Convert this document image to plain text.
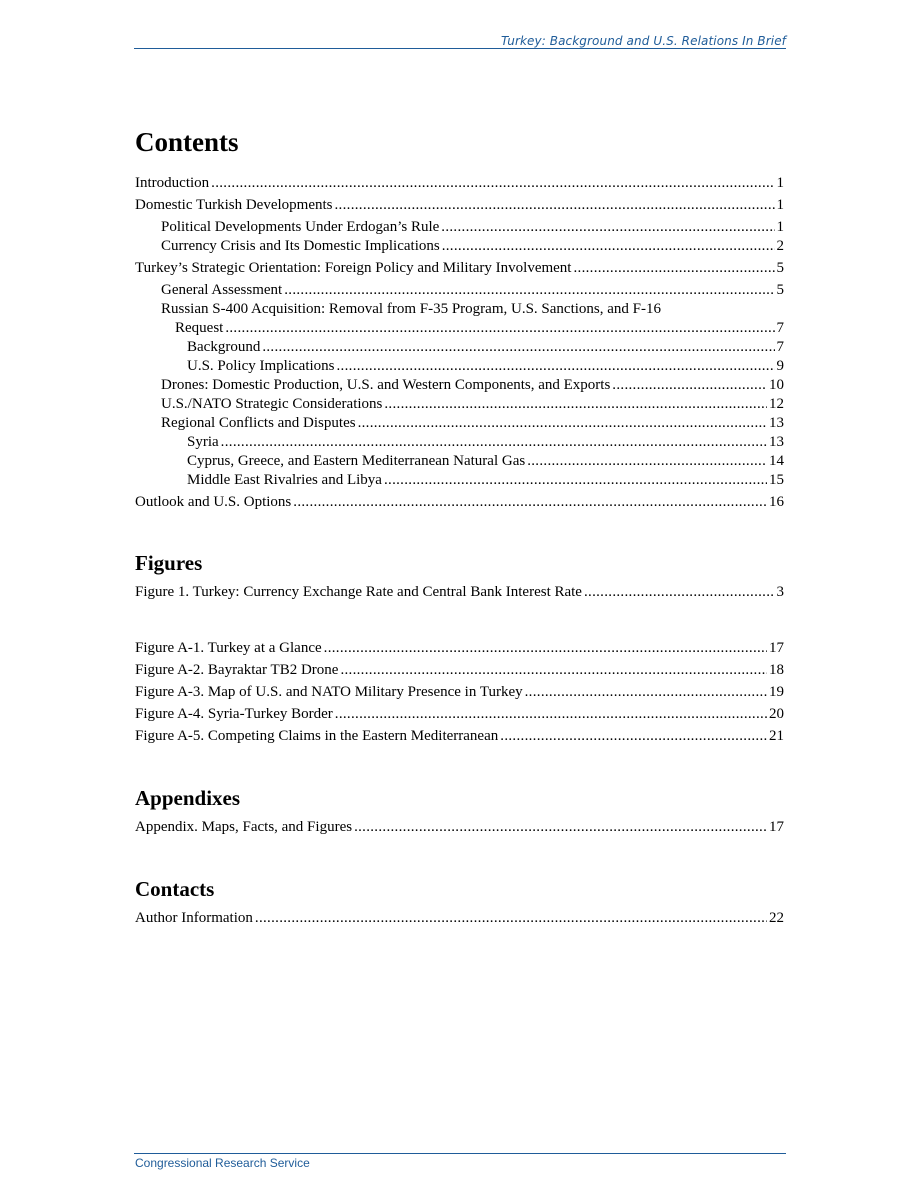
Turkey: Background and U.S. Relations In Brief
Contents
Introduction .....	1
Domestic Turkish Developments .....	1
Political Developments Under Erdogan’s Rule .....	1
Currency Crisis and Its Domestic Implications .....	2
Turkey’s Strategic Orientation: Foreign Policy and Military Involvement .....	5
General Assessment .....	5
Russian S-400 Acquisition: Removal from F-35 Program, U.S. Sanctions, and F-16
Request .....	7
Background .....	7
U.S. Policy Implications .....	9
Drones: Domestic Production, U.S. and Western Components, and Exports .....	10
U.S./NATO Strategic Considerations .....	12
Regional Conflicts and Disputes .....	13
Syria .....	13
Cyprus, Greece, and Eastern Mediterranean Natural Gas .....	14
Middle East Rivalries and Libya .....	15
Outlook and U.S. Options .....	16
Figures
Figure 1. Turkey: Currency Exchange Rate and Central Bank Interest Rate .....	3
Figure A-1. Turkey at a Glance .....	17
Figure A-2. Bayraktar TB2 Drone .....	18
Figure A-3. Map of U.S. and NATO Military Presence in Turkey .....	19
Figure A-4. Syria-Turkey Border .....	20
Figure A-5. Competing Claims in the Eastern Mediterranean .....	21
Appendixes
Appendix. Maps, Facts, and Figures .....	17
Contacts
Author Information .....	22
Congressional Research Service
